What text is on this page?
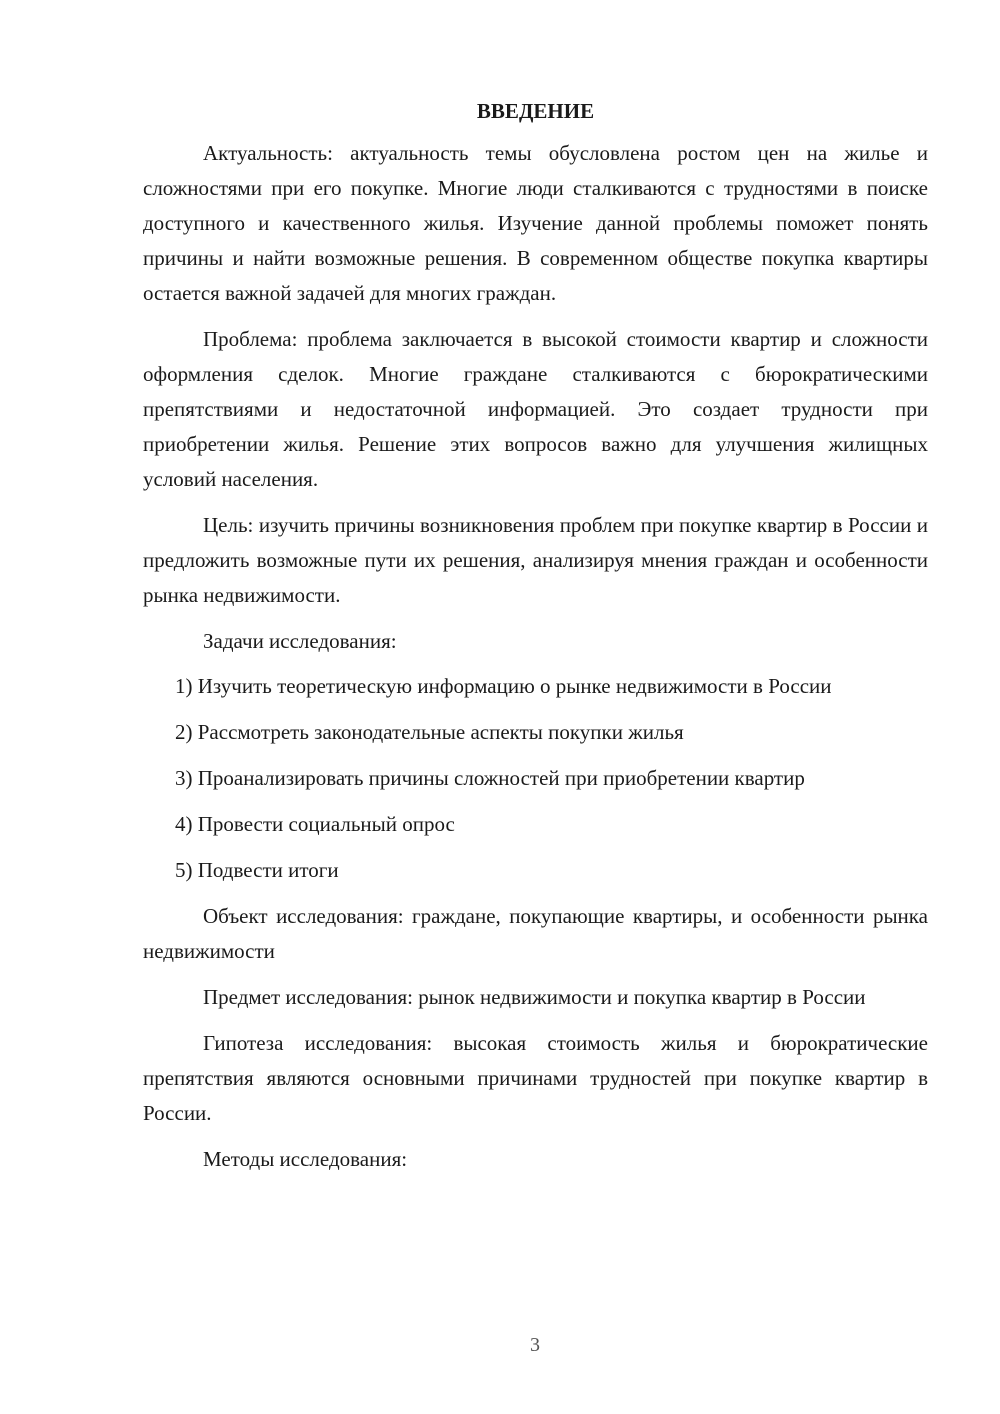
ВВЕДЕНИЕ

Актуальность: актуальность темы обусловлена ростом цен на жилье и сложностями при его покупке. Многие люди сталкиваются с трудностями в поиске доступного и качественного жилья. Изучение данной проблемы поможет понять причины и найти возможные решения. В современном обществе покупка квартиры остается важной задачей для многих граждан.

Проблема: проблема заключается в высокой стоимости квартир и сложности оформления сделок. Многие граждане сталкиваются с бюрократическими препятствиями и недостаточной информацией. Это создает трудности при приобретении жилья. Решение этих вопросов важно для улучшения жилищных условий населения.

Цель: изучить причины возникновения проблем при покупке квартир в России и предложить возможные пути их решения, анализируя мнения граждан и особенности рынка недвижимости.

Задачи исследования:

1) Изучить теоретическую информацию о рынке недвижимости в России

2) Рассмотреть законодательные аспекты покупки жилья

3) Проанализировать причины сложностей при приобретении квартир

4) Провести социальный опрос

5) Подвести итоги

Объект исследования: граждане, покупающие квартиры, и особенности рынка недвижимости

Предмет исследования: рынок недвижимости и покупка квартир в России

Гипотеза исследования: высокая стоимость жилья и бюрократические препятствия являются основными причинами трудностей при покупке квартир в России.

Методы исследования:

3
